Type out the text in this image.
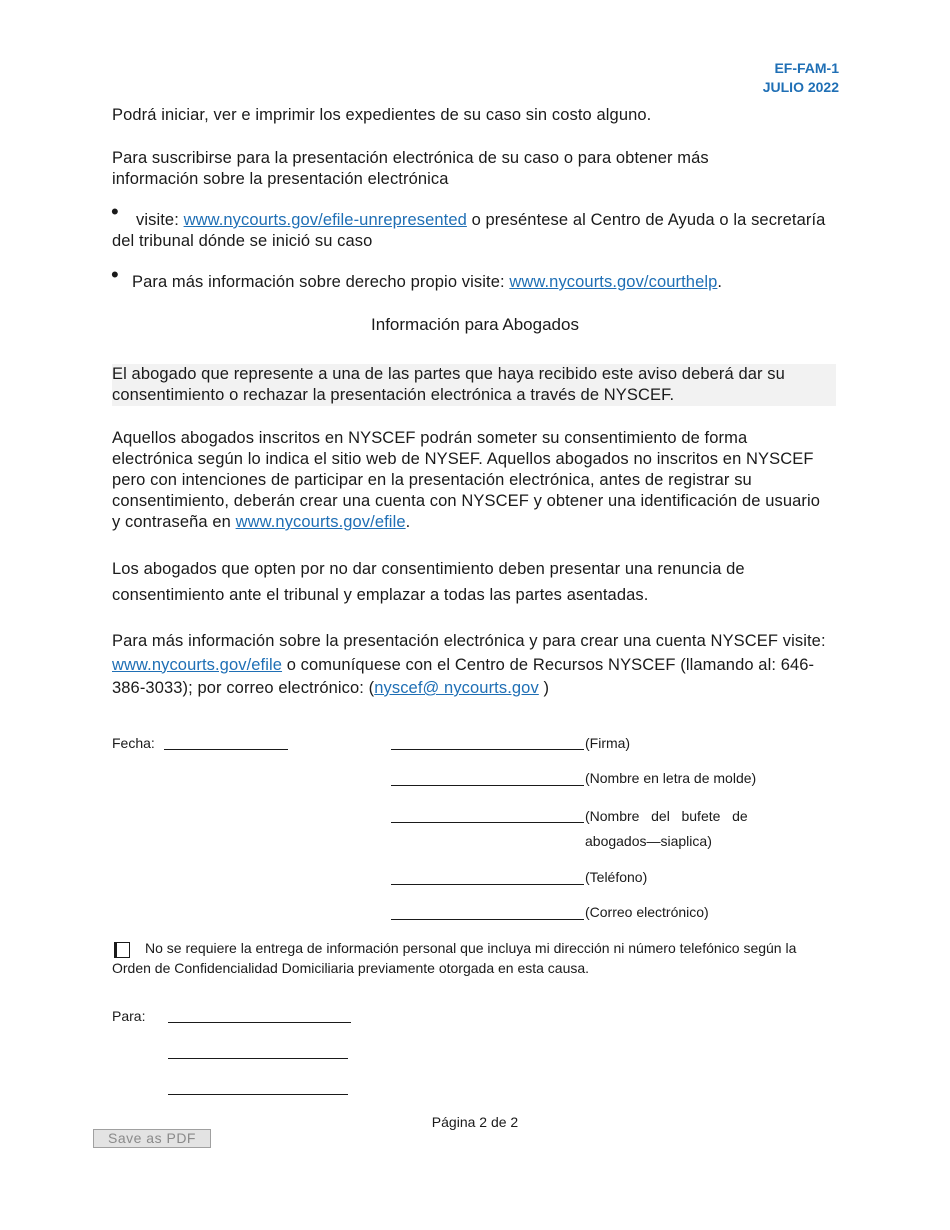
EF-FAM-1
JULIO 2022
Podrá iniciar, ver e imprimir los expedientes de su caso sin costo alguno.
Para suscribirse para la presentación electrónica de su caso o para obtener más información sobre la presentación electrónica
•	visite: www.nycourts.gov/efile-unrepresented o preséntese al Centro de Ayuda o la secretaría del tribunal dónde se inició su caso
• Para más información sobre derecho propio visite: www.nycourts.gov/courthelp.
Información para Abogados
El abogado que represente a una de las partes que haya recibido este aviso deberá dar su consentimiento o rechazar la presentación electrónica a través de NYSCEF.
Aquellos abogados inscritos en NYSCEF podrán someter su consentimiento de forma electrónica según lo indica el sitio web de NYSEF. Aquellos abogados no inscritos en NYSCEF pero con intenciones de participar en la presentación electrónica, antes de registrar su consentimiento, deberán crear una cuenta con NYSCEF y obtener una identificación de usuario y contraseña en www.nycourts.gov/efile.
Los abogados que opten por no dar consentimiento deben presentar una renuncia de consentimiento ante el tribunal y emplazar a todas las partes asentadas.
Para más información sobre la presentación electrónica y para crear una cuenta NYSCEF visite: www.nycourts.gov/efile o comuníquese con el Centro de Recursos NYSCEF (llamando al: 646-386-3033); por correo electrónico: (nyscef@ nycourts.gov )
Fecha:	(Firma)
(Nombre en letra de molde)
(Nombre   del   bufete   de
abogados—siaplica)
(Teléfono)
(Correo electrónico)
No se requiere la entrega de información personal que incluya mi dirección ni número telefónico según la Orden de Confidencialidad Domiciliaria previamente otorgada en esta causa.
Para:
Página 2 de 2
Save as PDF
